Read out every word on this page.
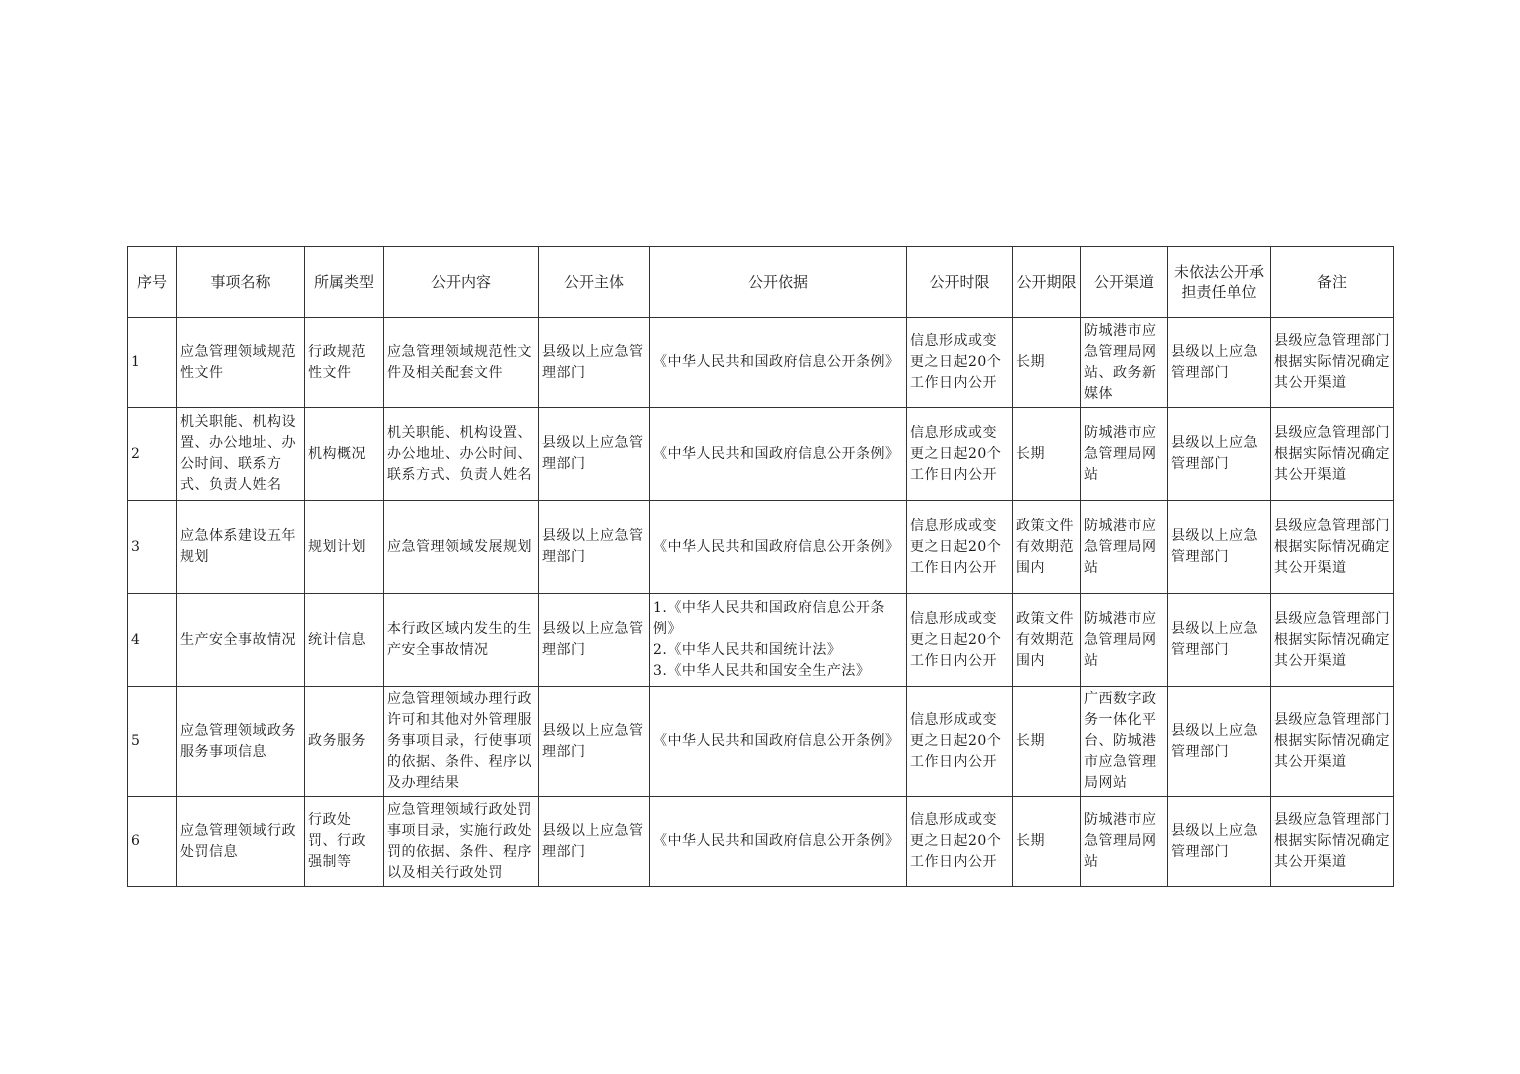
序号	事项名称	所属类型	公开内容	公开主体	公开依据	公开时限	公开期限	公开渠道	未依法公开承担责任单位	备注
1	应急管理领域规范性文件	行政规范性文件	应急管理领域规范性文件及相关配套文件	县级以上应急管理部门	《中华人民共和国政府信息公开条例》	信息形成或变更之日起20个工作日内公开	长期	防城港市应急管理局网站、政务新媒体	县级以上应急管理部门	县级应急管理部门根据实际情况确定其公开渠道
2	机关职能、机构设置、办公地址、办公时间、联系方式、负责人姓名	机构概况	机关职能、机构设置、办公地址、办公时间、联系方式、负责人姓名	县级以上应急管理部门	《中华人民共和国政府信息公开条例》	信息形成或变更之日起20个工作日内公开	长期	防城港市应急管理局网站	县级以上应急管理部门	县级应急管理部门根据实际情况确定其公开渠道
3	应急体系建设五年规划	规划计划	应急管理领域发展规划	县级以上应急管理部门	《中华人民共和国政府信息公开条例》	信息形成或变更之日起20个工作日内公开	政策文件有效期范围内	防城港市应急管理局网站	县级以上应急管理部门	县级应急管理部门根据实际情况确定其公开渠道
4	生产安全事故情况	统计信息	本行政区域内发生的生产安全事故情况	县级以上应急管理部门	1.《中华人民共和国政府信息公开条例》
2.《中华人民共和国统计法》
3.《中华人民共和国安全生产法》	信息形成或变更之日起20个工作日内公开	政策文件有效期范围内	防城港市应急管理局网站	县级以上应急管理部门	县级应急管理部门根据实际情况确定其公开渠道
5	应急管理领域政务服务事项信息	政务服务	应急管理领域办理行政许可和其他对外管理服务事项目录，行使事项的依据、条件、程序以及办理结果	县级以上应急管理部门	《中华人民共和国政府信息公开条例》	信息形成或变更之日起20个工作日内公开	长期	广西数字政务一体化平台、防城港市应急管理局网站	县级以上应急管理部门	县级应急管理部门根据实际情况确定其公开渠道
6	应急管理领域行政处罚信息	行政处罚、行政强制等	应急管理领域行政处罚事项目录，实施行政处罚的依据、条件、程序以及相关行政处罚	县级以上应急管理部门	《中华人民共和国政府信息公开条例》	信息形成或变更之日起20个工作日内公开	长期	防城港市应急管理局网站	县级以上应急管理部门	县级应急管理部门根据实际情况确定其公开渠道
